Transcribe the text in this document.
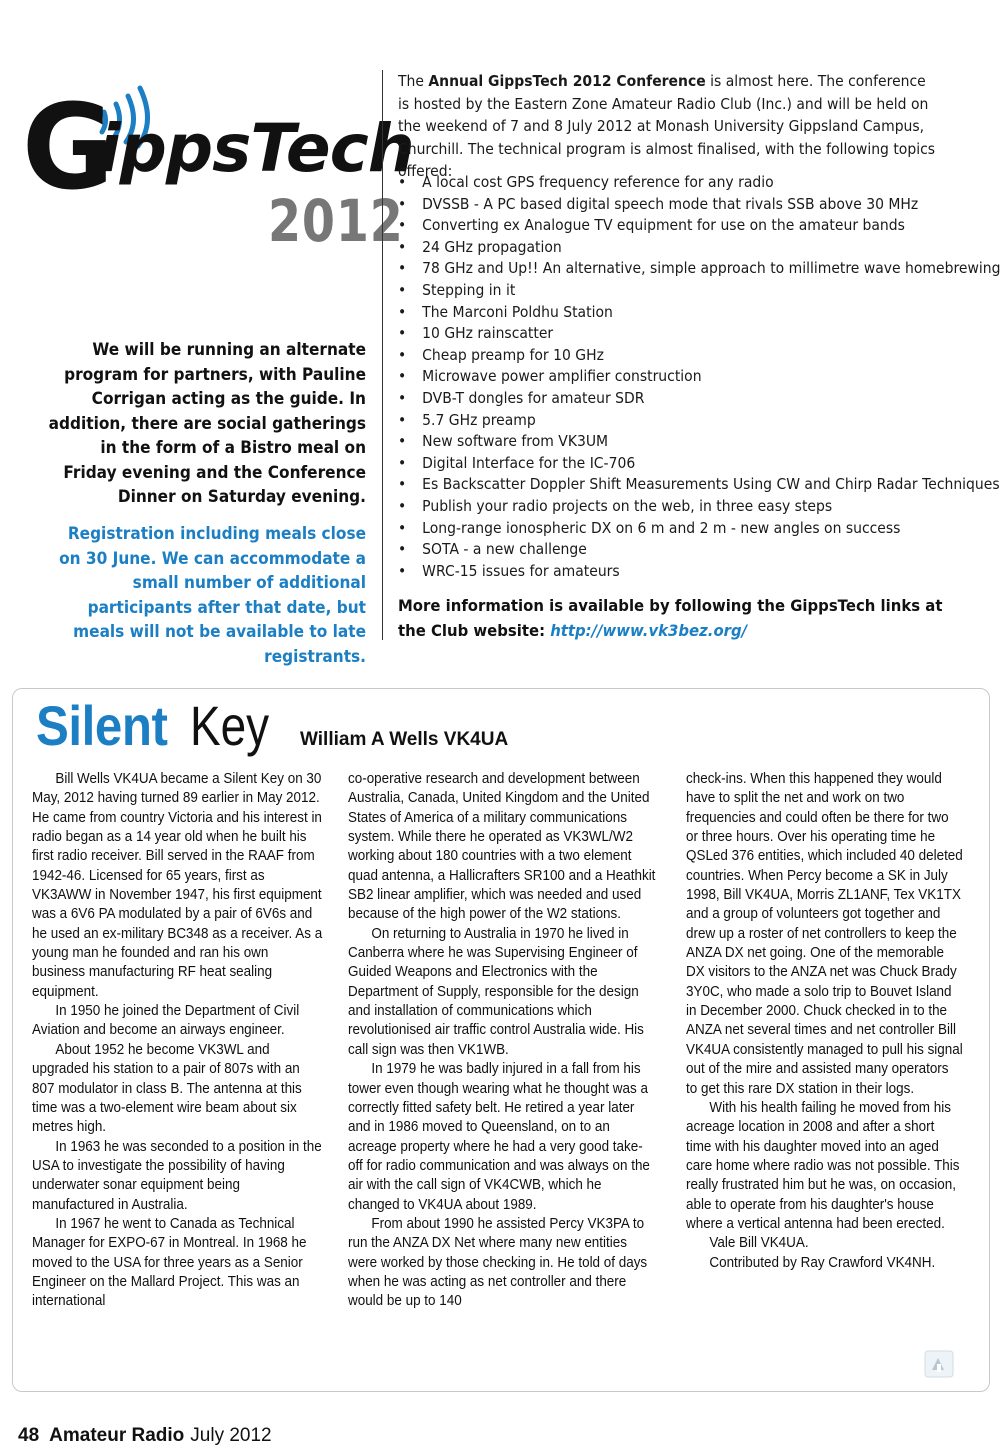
G
ippsTech
2012
We will be running an alternate program for partners, with Pauline Corrigan acting as the guide. In addition, there are social gatherings in the form of a Bistro meal on Friday evening and the Conference Dinner on Saturday evening.
Registration including meals close on 30 June. We can accommodate a small number of additional participants after that date, but meals will not be available to late registrants.
The Annual GippsTech 2012 Conference is almost here. The conference is hosted by the Eastern Zone Amateur Radio Club (Inc.) and will be held on the weekend of 7 and 8 July 2012 at Monash University Gippsland Campus, Churchill. The technical program is almost finalised, with the following topics offered:
• A local cost GPS frequency reference for any radio
• DVSSB - A PC based digital speech mode that rivals SSB above 30 MHz
• Converting ex Analogue TV equipment for use on the amateur bands
• 24 GHz propagation
• 78 GHz and Up!! An alternative, simple approach to millimetre wave homebrewing
• Stepping in it
• The Marconi Poldhu Station
• 10 GHz rainscatter
• Cheap preamp for 10 GHz
• Microwave power amplifier construction
• DVB-T dongles for amateur SDR
• 5.7 GHz preamp
• New software from VK3UM
• Digital Interface for the IC-706
• Es Backscatter Doppler Shift Measurements Using CW and Chirp Radar Techniques
• Publish your radio projects on the web, in three easy steps
• Long-range ionospheric DX on 6 m and 2 m - new angles on success
• SOTA - a new challenge
• WRC-15 issues for amateurs
More information is available by following the GippsTech links at the Club website: http://www.vk3bez.org/
Silent Key William A Wells VK4UA

Bill Wells VK4UA became a Silent Key on 30 May, 2012 having turned 89 earlier in May 2012. He came from country Victoria and his interest in radio began as a 14 year old when he built his first radio receiver. Bill served in the RAAF from 1942-46. Licensed for 65 years, first as VK3AWW in November 1947, his first equipment was a 6V6 PA modulated by a pair of 6V6s and he used an ex-military BC348 as a receiver. As a young man he founded and ran his own business manufacturing RF heat sealing equipment.

In 1950 he joined the Department of Civil Aviation and become an airways engineer.

About 1952 he become VK3WL and upgraded his station to a pair of 807s with an 807 modulator in class B. The antenna at this time was a two-element wire beam about six metres high.

In 1963 he was seconded to a position in the USA to investigate the possibility of having underwater sonar equipment being manufactured in Australia.

In 1967 he went to Canada as Technical Manager for EXPO-67 in Montreal. In 1968 he moved to the USA for three years as a Senior Engineer on the Mallard Project. This was an international

co-operative research and development between Australia, Canada, United Kingdom and the United States of America of a military communications system. While there he operated as VK3WL/W2 working about 180 countries with a two element quad antenna, a Hallicrafters SR100 and a Heathkit SB2 linear amplifier, which was needed and used because of the high power of the W2 stations.

On returning to Australia in 1970 he lived in Canberra where he was Supervising Engineer of Guided Weapons and Electronics with the Department of Supply, responsible for the design and installation of communications which revolutionised air traffic control Australia wide. His call sign was then VK1WB.

In 1979 he was badly injured in a fall from his tower even though wearing what he thought was a correctly fitted safety belt. He retired a year later and in 1986 moved to Queensland, on to an acreage property where he had a very good take-off for radio communication and was always on the air with the call sign of VK4CWB, which he changed to VK4UA about 1989.

From about 1990 he assisted Percy VK3PA to run the ANZA DX Net where many new entities were worked by those checking in. He told of days when he was acting as net controller and there would be up to 140

check-ins. When this happened they would have to split the net and work on two frequencies and could often be there for two or three hours. Over his operating time he QSLed 376 entities, which included 40 deleted countries. When Percy become a SK in July 1998, Bill VK4UA, Morris ZL1ANF, Tex VK1TX and a group of volunteers got together and drew up a roster of net controllers to keep the ANZA DX net going. One of the memorable DX visitors to the ANZA net was Chuck Brady 3Y0C, who made a solo trip to Bouvet Island in December 2000. Chuck checked in to the ANZA net several times and net controller Bill VK4UA consistently managed to pull his signal out of the mire and assisted many operators to get this rare DX station in their logs.

With his health failing he moved from his acreage location in 2008 and after a short time with his daughter moved into an aged care home where radio was not possible. This really frustrated him but he was, on occasion, able to operate from his daughter's house where a vertical antenna had been erected.

Vale Bill VK4UA.

Contributed by Ray Crawford VK4NH.

48 Amateur Radio July 2012
